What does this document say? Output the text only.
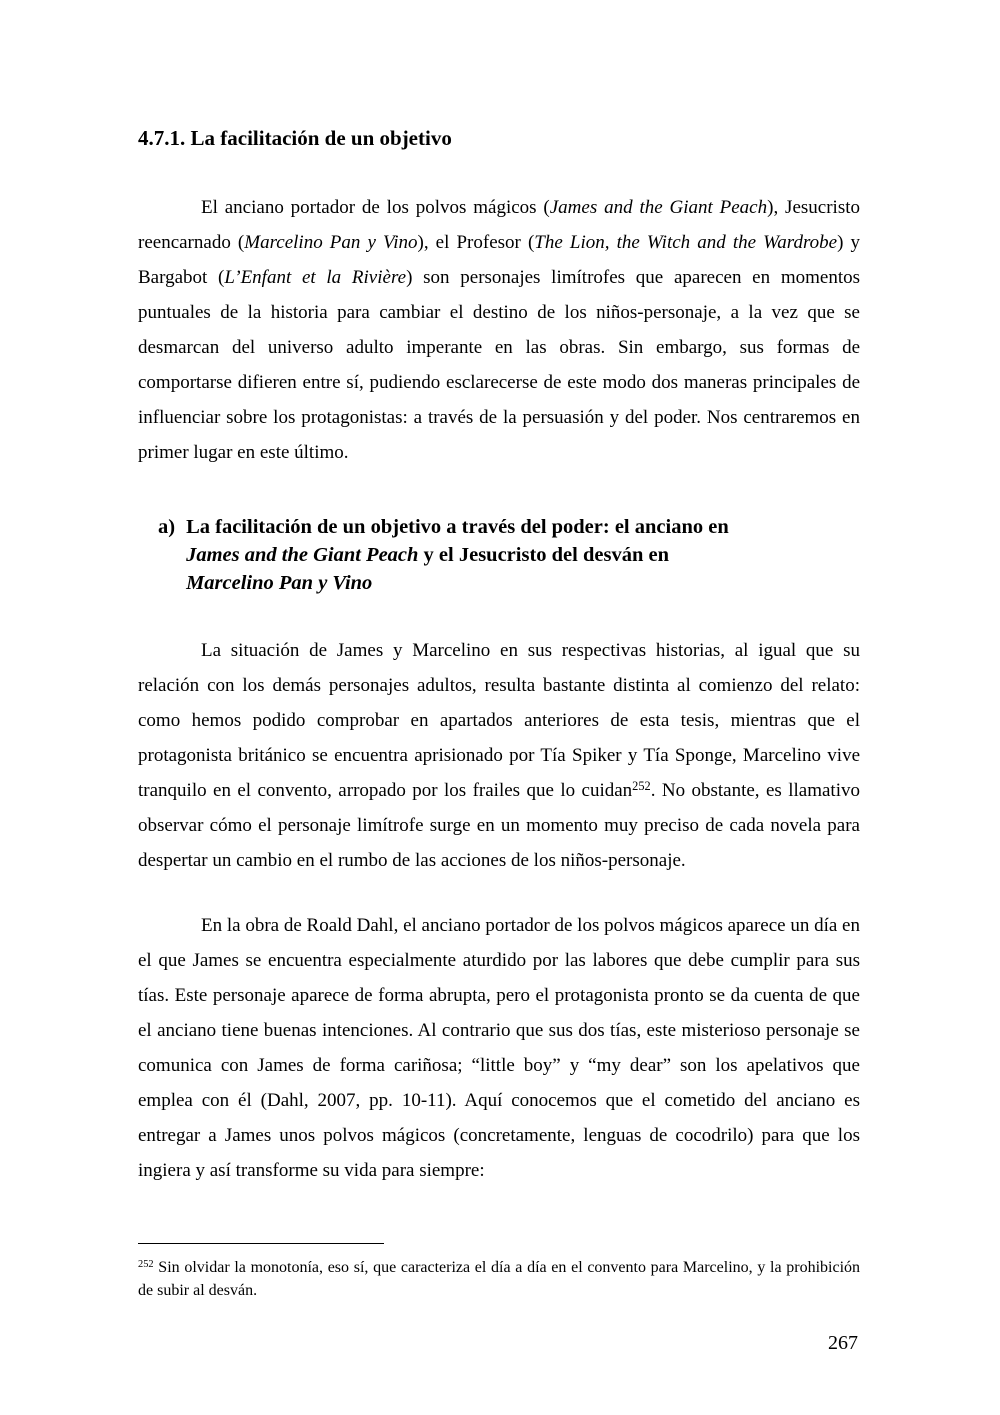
4.7.1. La facilitación de un objetivo

El anciano portador de los polvos mágicos (James and the Giant Peach), Jesucristo reencarnado (Marcelino Pan y Vino), el Profesor (The Lion, the Witch and the Wardrobe) y Bargabot (L’Enfant et la Rivière) son personajes limítrofes que aparecen en momentos puntuales de la historia para cambiar el destino de los niños-personaje, a la vez que se desmarcan del universo adulto imperante en las obras. Sin embargo, sus formas de comportarse difieren entre sí, pudiendo esclarecerse de este modo dos maneras principales de influenciar sobre los protagonistas: a través de la persuasión y del poder. Nos centraremos en primer lugar en este último.

a) La facilitación de un objetivo a través del poder: el anciano en
James and the Giant Peach y el Jesucristo del desván en
Marcelino Pan y Vino

La situación de James y Marcelino en sus respectivas historias, al igual que su relación con los demás personajes adultos, resulta bastante distinta al comienzo del relato: como hemos podido comprobar en apartados anteriores de esta tesis, mientras que el protagonista británico se encuentra aprisionado por Tía Spiker y Tía Sponge, Marcelino vive tranquilo en el convento, arropado por los frailes que lo cuidan$^{252}$. No obstante, es llamativo observar cómo el personaje limítrofe surge en un momento muy preciso de cada novela para despertar un cambio en el rumbo de las acciones de los niños-personaje.

En la obra de Roald Dahl, el anciano portador de los polvos mágicos aparece un día en el que James se encuentra especialmente aturdido por las labores que debe cumplir para sus tías. Este personaje aparece de forma abrupta, pero el protagonista pronto se da cuenta de que el anciano tiene buenas intenciones. Al contrario que sus dos tías, este misterioso personaje se comunica con James de forma cariñosa; “little boy” y “my dear” son los apelativos que emplea con él (Dahl, 2007, pp. 10-11). Aquí conocemos que el cometido del anciano es entregar a James unos polvos mágicos (concretamente, lenguas de cocodrilo) para que los ingiera y así transforme su vida para siempre:

$^{252}$ Sin olvidar la monotonía, eso sí, que caracteriza el día a día en el convento para Marcelino, y la prohibición de subir al desván.

267
